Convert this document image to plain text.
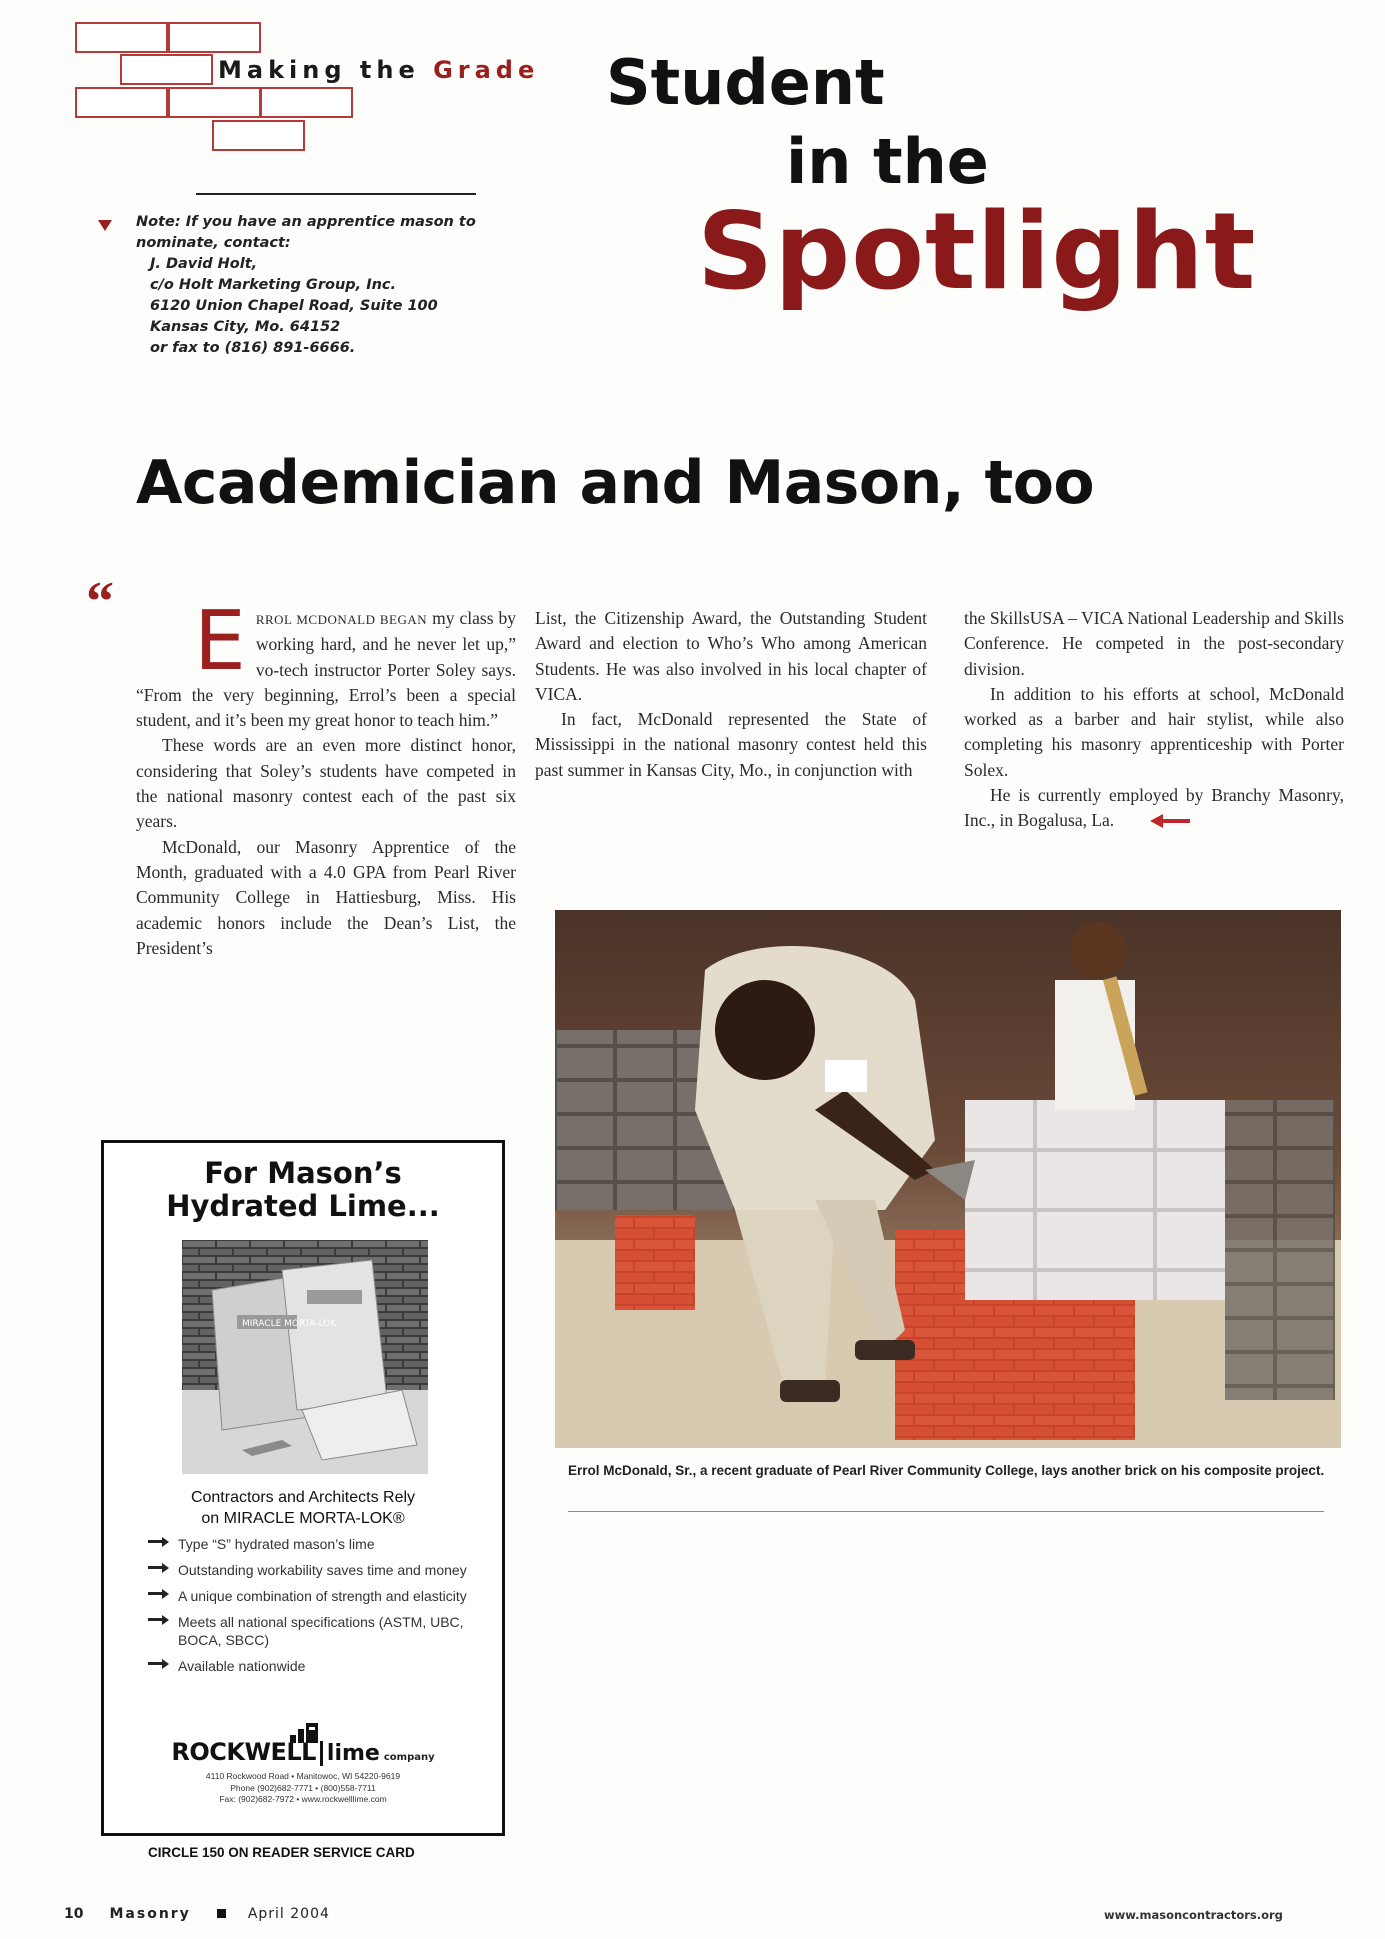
Making the Grade Student
in the
Spotlight
Note: If you have an apprentice mason to
nominate, contact:
J. David Holt,
c/o Holt Marketing Group, Inc.
6120 Union Chapel Road, Suite 100
Kansas City, Mo. 64152
or fax to (816) 891-6666.
Academician and Mason, too
“ ERROL MCDONALD BEGAN my class by working hard, and he never let up,” vo-tech instructor Porter Soley says. “From the very beginning, Errol’s been a special student, and it’s been my great honor to teach him.”

These words are an even more distinct honor, considering that Soley’s students have competed in the national masonry contest each of the past six years.

McDonald, our Masonry Apprentice of the Month, graduated with a 4.0 GPA from Pearl River Community College in Hattiesburg, Miss. His academic honors include the Dean’s List, the President’s

List, the Citizenship Award, the Outstanding Student Award and election to Who’s Who among American Students. He was also involved in his local chapter of VICA.

In fact, McDonald represented the State of Mississippi in the national masonry contest held this past summer in Kansas City, Mo., in conjunction with

the SkillsUSA – VICA National Leadership and Skills Conference. He competed in the post-secondary division.

In addition to his efforts at school, McDonald worked as a barber and hair stylist, while also completing his masonry apprenticeship with Porter Solex.

He is currently employed by Branchy Masonry, Inc., in Bogalusa, La.

Errol McDonald, Sr., a recent graduate of Pearl River Community College, lays another brick on his composite project.
For Mason’s
Hydrated Lime...
MIRACLE MORTA-LOK
Contractors and Architects Rely
on MIRACLE MORTA-LOK®
Type “S” hydrated mason’s lime
Outstanding workability saves time and money
A unique combination of strength and elasticity
Meets all national specifications (ASTM, UBC, BOCA, SBCC)
Available nationwide
ROCKWELL lime company
4110 Rockwood Road • Manitowoc, WI 54220-9619
Phone (902)682-7771 • (800)558-7711
Fax: (902)682-7972 • www.rockwelllime.com
CIRCLE 150 ON READER SERVICE CARD
10 Masonry	April 2004	www.masoncontractors.org
